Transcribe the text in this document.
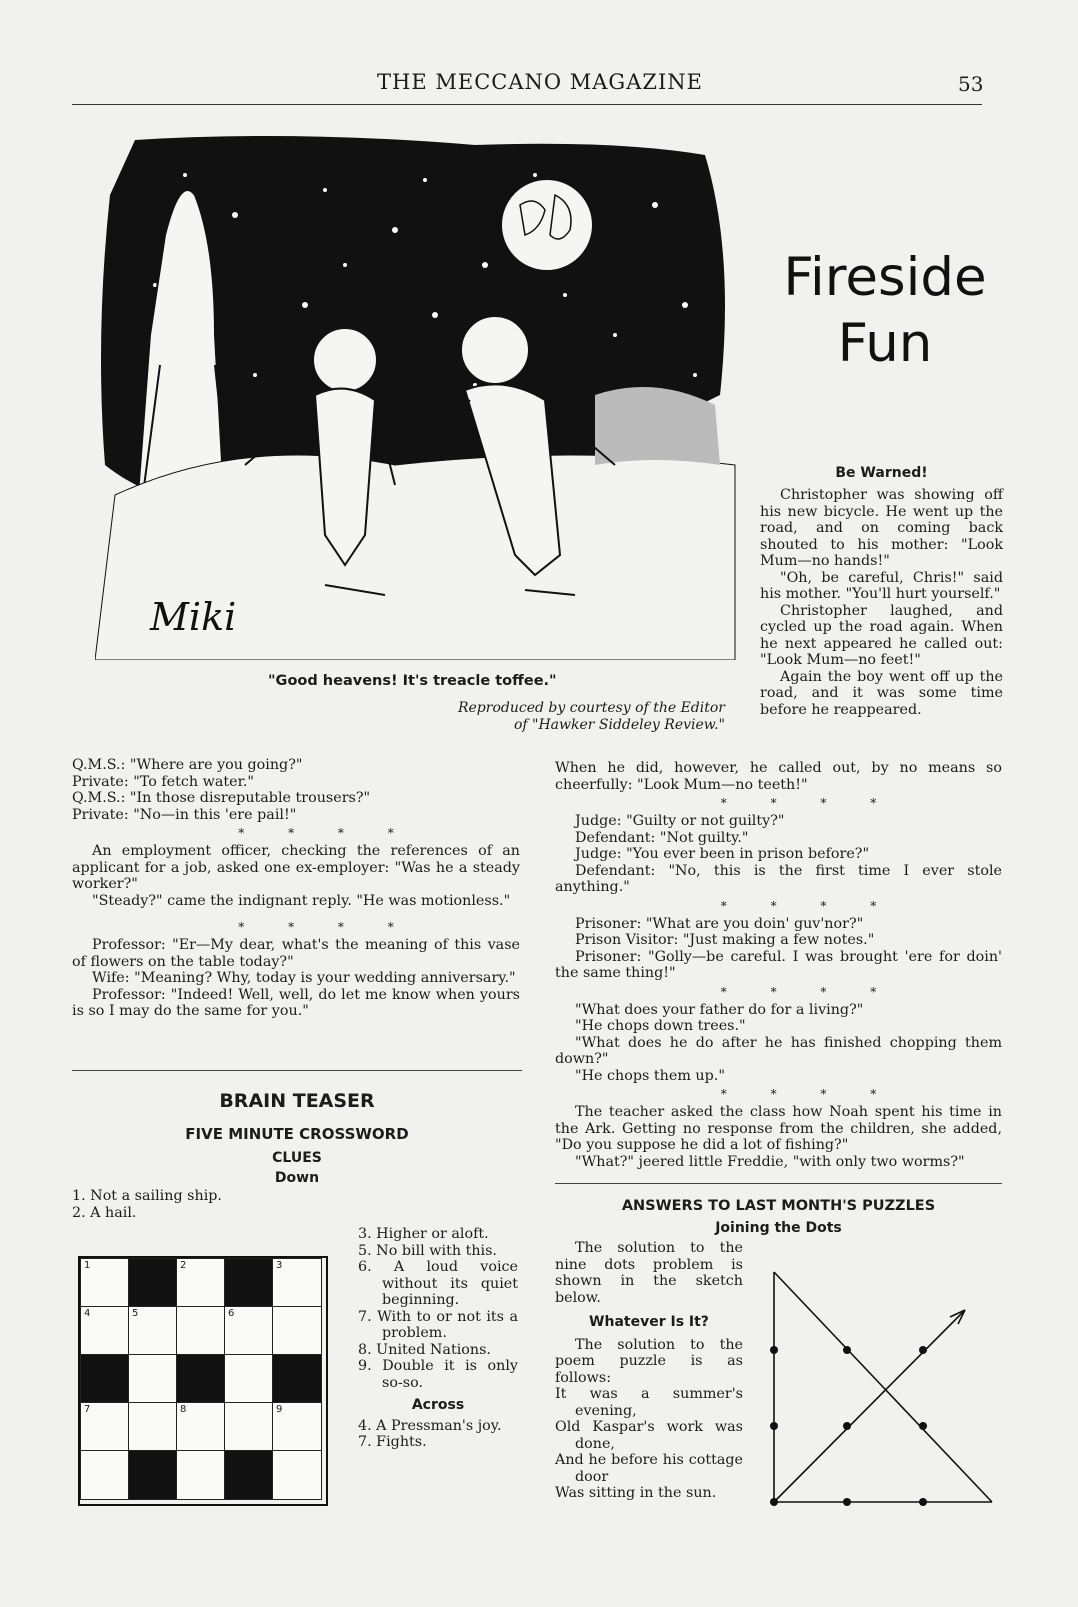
THE MECCANO MAGAZINE	53
Miki
Fireside
Fun
"Good heavens! It's treacle toffee."
Reproduced by courtesy of the Editor
of "Hawker Siddeley Review."
Be Warned!

Christopher was showing off his new bicycle. He went up the road, and on coming back shouted to his mother: "Look Mum—no hands!"

"Oh, be careful, Chris!" said his mother. "You'll hurt yourself."

Christopher laughed, and cycled up the road again. When he next appeared he called out: "Look Mum—no feet!"

Again the boy went off up the road, and it was some time before he reappeared.

When he did, however, he called out, by no means so cheerfully: "Look Mum—no teeth!"

* * * *

Judge: "Guilty or not guilty?"

Defendant: "Not guilty."

Judge: "You ever been in prison before?"

Defendant: "No, this is the first time I ever stole anything."

* * * *

Prisoner: "What are you doin' guv'nor?"

Prison Visitor: "Just making a few notes."

Prisoner: "Golly—be careful. I was brought 'ere for doin' the same thing!"

* * * *

"What does your father do for a living?"

"He chops down trees."

"What does he do after he has finished chopping them down?"

"He chops them up."

* * * *

The teacher asked the class how Noah spent his time in the Ark. Getting no response from the children, she added, "Do you suppose he did a lot of fishing?"

"What?" jeered little Freddie, "with only two worms?"

Q.M.S.: "Where are you going?"

Private: "To fetch water."

Q.M.S.: "In those disreputable trousers?"

Private: "No—in this 'ere pail!"

* * * *

An employment officer, checking the references of an applicant for a job, asked one ex-employer: "Was he a steady worker?"

"Steady?" came the indignant reply. "He was motionless."

* * * *

Professor: "Er—My dear, what's the meaning of this vase of flowers on the table today?"

Wife: "Meaning? Why, today is your wedding anniversary."

Professor: "Indeed! Well, well, do let me know when yours is so I may do the same for you."

BRAIN TEASER
FIVE MINUTE CROSSWORD
CLUES
Down
1. Not a sailing ship.
2. A hail.
1	2	3
4	5	6
7	8	9
3. Higher or aloft.
5. No bill with this.
6. A loud voice without its quiet beginning.
7. With to or not its a problem.
8. United Nations.
9. Double it is only so-so.
Across
4. A Pressman's joy.
7. Fights.
ANSWERS TO LAST MONTH'S PUZZLES
Joining the Dots

The solution to the nine dots problem is shown in the sketch below.

Whatever Is It?

The solution to the poem puzzle is as follows:

It was a summer's evening,

Old Kaspar's work was done,

And he before his cottage door

Was sitting in the sun.
